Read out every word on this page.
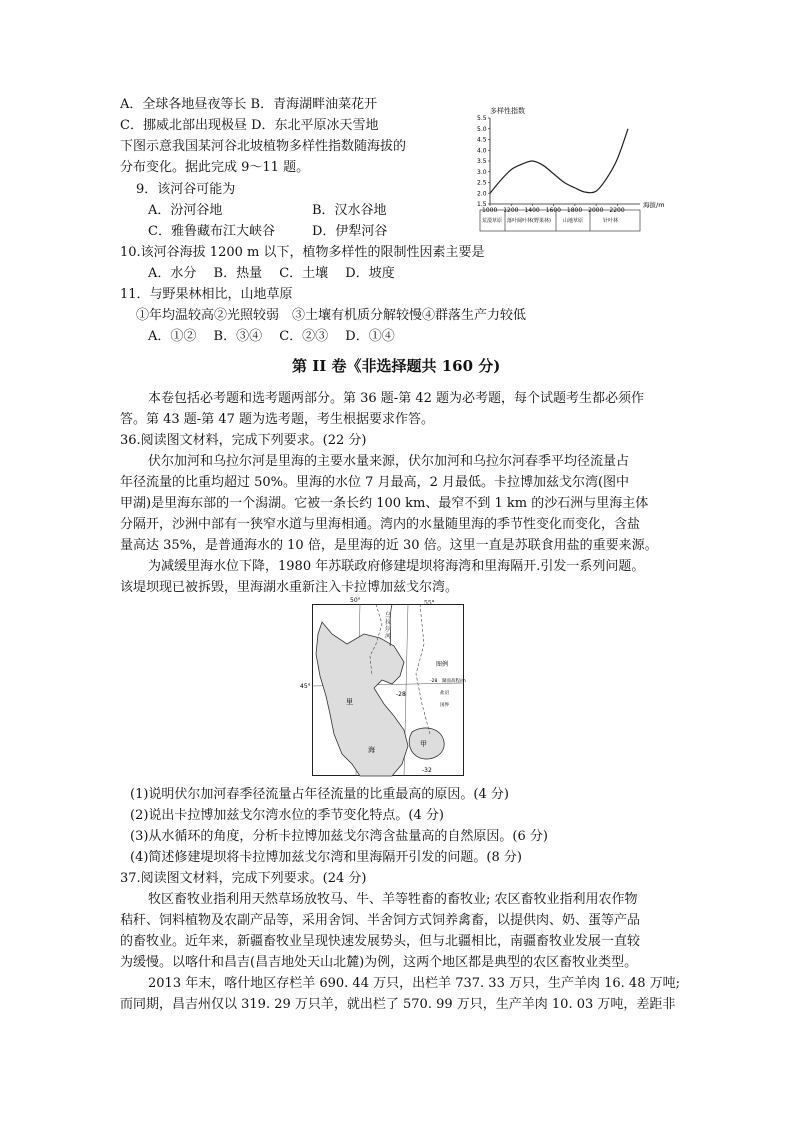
A．全球各地昼夜等长 B．青海湖畔油菜花开
C．挪威北部出现极昼 D．东北平原冰天雪地
下图示意我国某河谷北坡植物多样性指数随海拔的
分布变化。据此完成 9～11 题。
9．该河谷可能为
A．汾河谷地	B．汉水谷地
C．雅鲁藏布江大峡谷	D．伊犁河谷
10.该河谷海拔 1200 m 以下，植物多样性的限制性因素主要是
A．水分　 B．热量　 C．土壤　 D．坡度
11．与野果林相比，山地草原
①年均温较高②光照较弱　③土壤有机质分解较慢④群落生产力较低
A．①②　 B．③④　 C．②③　 D．①④
多样性指数
1.5
2.0
2.5
3.0
3.5
4.0
4.5
5.0
5.5
1000 1200 1400 1600 1800 2000 2200
海拔/m
荒漠草原 落叶阔叶林(野果林) 山地草原	针叶林
第 II 卷《非选择题共 160 分)
本卷包括必考题和选考题两部分。第 36 题-第 42 题为必考题，每个试题考生都必须作
答。第 43 题-第 47 题为选考题，考生根据要求作答。
36.阅读图文材料，完成下列要求。(22 分)
伏尔加河和乌拉尔河是里海的主要水量来源，伏尔加河和乌拉尔河春季平均径流量占
年径流量的比重均超过 50%。里海的水位 7 月最高，2 月最低。卡拉博加兹戈尔湾(图中
甲湖)是里海东部的一个潟湖。它被一条长约 100 km、最窄不到 1 km 的沙石洲与里海主体
分隔开，沙洲中部有一狭窄水道与里海相通。湾内的水量随里海的季节性变化而变化，含盐
量高达 35%，是普通海水的 10 倍，是里海的近 30 倍。这里一直是苏联食用盐的重要来源。
为减缓里海水位下降，1980 年苏联政府修建堤坝将海湾和里海隔开.引发一系列问题。
该堤坝现已被拆毁，里海湖水重新注入卡拉博加兹戈尔湾。
50°
45°
里
海
甲
-28
-32
图例
-28　湖面高程/m
盐沼
国界
55°
乌拉尔河
(1)说明伏尔加河春季径流量占年径流量的比重最高的原因。(4 分)
(2)说出卡拉博加兹戈尔湾水位的季节变化特点。(4 分)
(3)从水循环的角度，分析卡拉博加兹戈尔湾含盐量高的自然原因。(6 分)
(4)简述修建堤坝将卡拉博加兹戈尔湾和里海隔开引发的问题。(8 分)
37.阅读图文材料，完成下列要求。(24 分)
牧区畜牧业指利用天然草场放牧马、牛、羊等牲畜的畜牧业; 农区畜牧业指利用农作物
秸秆、饲料植物及农副产品等，采用舍饲、半舍饲方式饲养禽畜，以提供肉、奶、蛋等产品
的畜牧业。近年来，新疆畜牧业呈现快速发展势头，但与北疆相比，南疆畜牧业发展一直较
为缓慢。以喀什和昌吉(昌吉地处天山北麓)为例，这两个地区都是典型的农区畜牧业类型。
2013 年末，喀什地区存栏羊 690. 44 万只，出栏羊 737. 33 万只，生产羊肉 16. 48 万吨;
而同期，昌吉州仅以 319. 29 万只羊，就出栏了 570. 99 万只，生产羊肉 10. 03 万吨，差距非
